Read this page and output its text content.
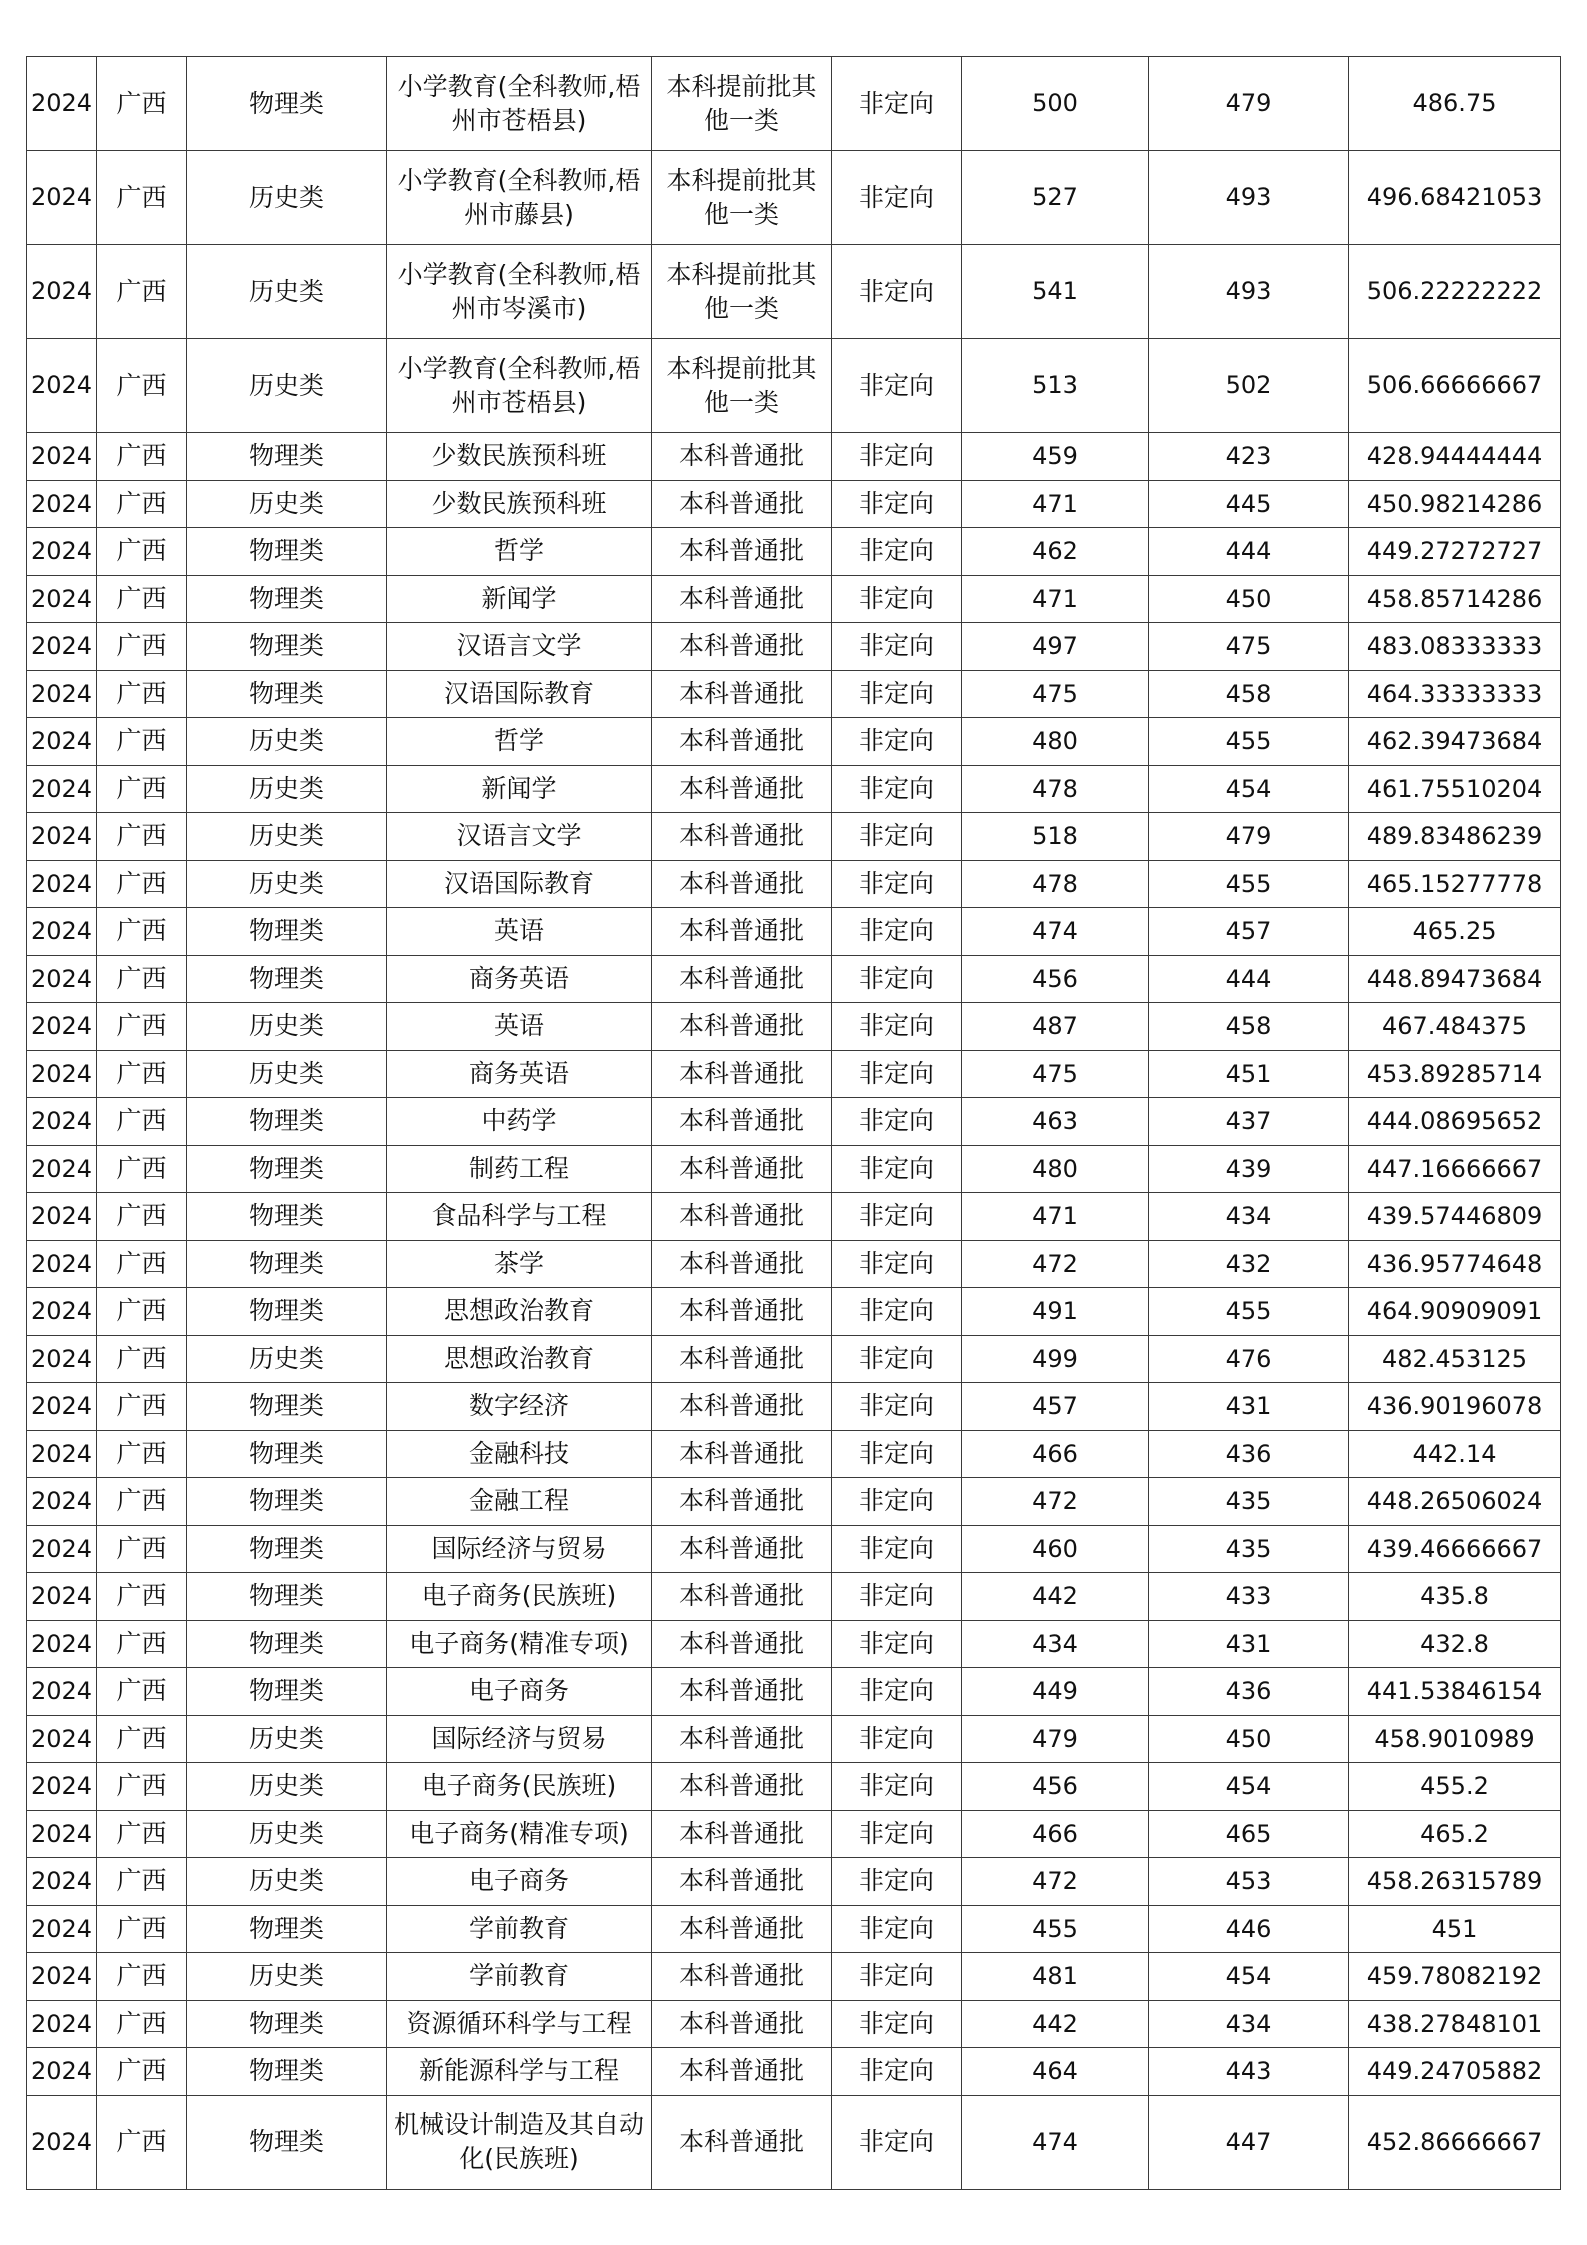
2024	广西	物理类	小学教育(全科教师,梧州市苍梧县)	本科提前批其他一类	非定向	500	479	486.75
2024	广西	历史类	小学教育(全科教师,梧州市藤县)	本科提前批其他一类	非定向	527	493	496.68421053
2024	广西	历史类	小学教育(全科教师,梧州市岑溪市)	本科提前批其他一类	非定向	541	493	506.22222222
2024	广西	历史类	小学教育(全科教师,梧州市苍梧县)	本科提前批其他一类	非定向	513	502	506.66666667
2024	广西	物理类	少数民族预科班	本科普通批	非定向	459	423	428.94444444
2024	广西	历史类	少数民族预科班	本科普通批	非定向	471	445	450.98214286
2024	广西	物理类	哲学	本科普通批	非定向	462	444	449.27272727
2024	广西	物理类	新闻学	本科普通批	非定向	471	450	458.85714286
2024	广西	物理类	汉语言文学	本科普通批	非定向	497	475	483.08333333
2024	广西	物理类	汉语国际教育	本科普通批	非定向	475	458	464.33333333
2024	广西	历史类	哲学	本科普通批	非定向	480	455	462.39473684
2024	广西	历史类	新闻学	本科普通批	非定向	478	454	461.75510204
2024	广西	历史类	汉语言文学	本科普通批	非定向	518	479	489.83486239
2024	广西	历史类	汉语国际教育	本科普通批	非定向	478	455	465.15277778
2024	广西	物理类	英语	本科普通批	非定向	474	457	465.25
2024	广西	物理类	商务英语	本科普通批	非定向	456	444	448.89473684
2024	广西	历史类	英语	本科普通批	非定向	487	458	467.484375
2024	广西	历史类	商务英语	本科普通批	非定向	475	451	453.89285714
2024	广西	物理类	中药学	本科普通批	非定向	463	437	444.08695652
2024	广西	物理类	制药工程	本科普通批	非定向	480	439	447.16666667
2024	广西	物理类	食品科学与工程	本科普通批	非定向	471	434	439.57446809
2024	广西	物理类	茶学	本科普通批	非定向	472	432	436.95774648
2024	广西	物理类	思想政治教育	本科普通批	非定向	491	455	464.90909091
2024	广西	历史类	思想政治教育	本科普通批	非定向	499	476	482.453125
2024	广西	物理类	数字经济	本科普通批	非定向	457	431	436.90196078
2024	广西	物理类	金融科技	本科普通批	非定向	466	436	442.14
2024	广西	物理类	金融工程	本科普通批	非定向	472	435	448.26506024
2024	广西	物理类	国际经济与贸易	本科普通批	非定向	460	435	439.46666667
2024	广西	物理类	电子商务(民族班)	本科普通批	非定向	442	433	435.8
2024	广西	物理类	电子商务(精准专项)	本科普通批	非定向	434	431	432.8
2024	广西	物理类	电子商务	本科普通批	非定向	449	436	441.53846154
2024	广西	历史类	国际经济与贸易	本科普通批	非定向	479	450	458.9010989
2024	广西	历史类	电子商务(民族班)	本科普通批	非定向	456	454	455.2
2024	广西	历史类	电子商务(精准专项)	本科普通批	非定向	466	465	465.2
2024	广西	历史类	电子商务	本科普通批	非定向	472	453	458.26315789
2024	广西	物理类	学前教育	本科普通批	非定向	455	446	451
2024	广西	历史类	学前教育	本科普通批	非定向	481	454	459.78082192
2024	广西	物理类	资源循环科学与工程	本科普通批	非定向	442	434	438.27848101
2024	广西	物理类	新能源科学与工程	本科普通批	非定向	464	443	449.24705882
2024	广西	物理类	机械设计制造及其自动化(民族班)	本科普通批	非定向	474	447	452.86666667
